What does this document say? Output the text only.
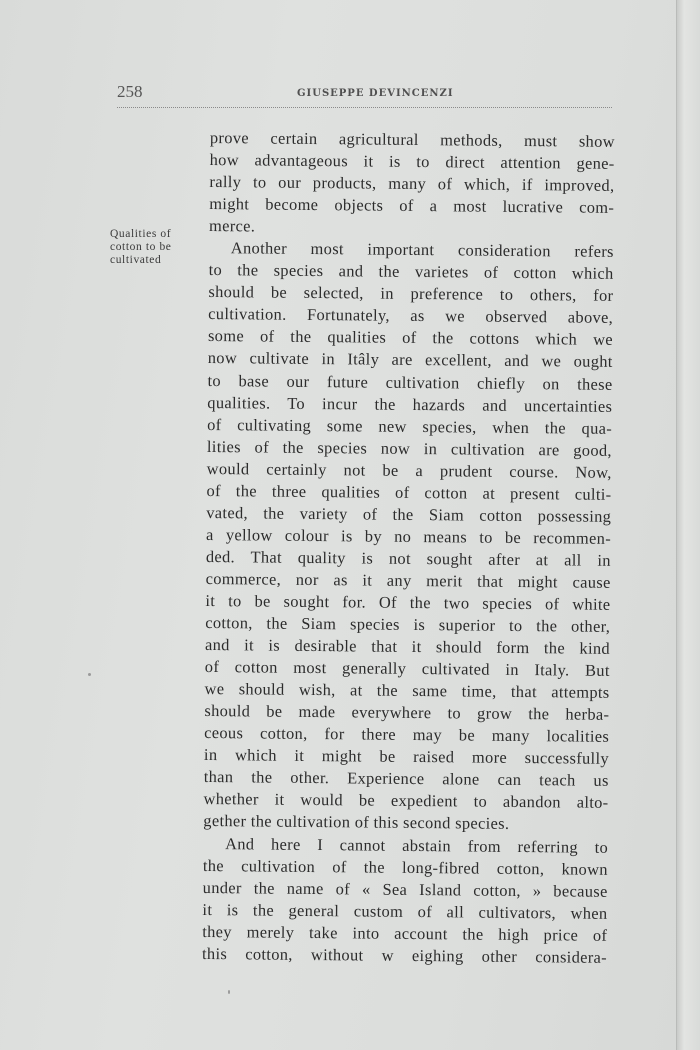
258	GIUSEPPE DEVINCENZI
Qualities of
cotton to be
cultivated
prove certain agricultural methods, must show
how advantageous it is to direct attention gene-
rally to our products, many of which, if improved,
might become objects of a most lucrative com-
merce.
Another most important consideration refers
to the species and the varietes of cotton which
should be selected, in preference to others, for
cultivation. Fortunately, as we observed above,
some of the qualities of the cottons which we
now cultivate in Itâly are excellent, and we ought
to base our future cultivation chiefly on these
qualities. To incur the hazards and uncertainties
of cultivating some new species, when the qua-
lities of the species now in cultivation are good,
would certainly not be a prudent course. Now,
of the three qualities of cotton at present culti-
vated, the variety of the Siam cotton possessing
a yellow colour is by no means to be recommen-
ded. That quality is not sought after at all in
commerce, nor as it any merit that might cause
it to be sought for. Of the two species of white
cotton, the Siam species is superior to the other,
and it is desirable that it should form the kind
of cotton most generally cultivated in Italy. But
we should wish, at the same time, that attempts
should be made everywhere to grow the herba-
ceous cotton, for there may be many localities
in which it might be raised more successfully
than the other. Experience alone can teach us
whether it would be expedient to abandon alto-
gether the cultivation of this second species.
And here I cannot abstain from referring to
the cultivation of the long-fibred cotton, known
under the name of « Sea Island cotton, » because
it is the general custom of all cultivators, when
they merely take into account the high price of
this cotton, without w eighing other considera-
